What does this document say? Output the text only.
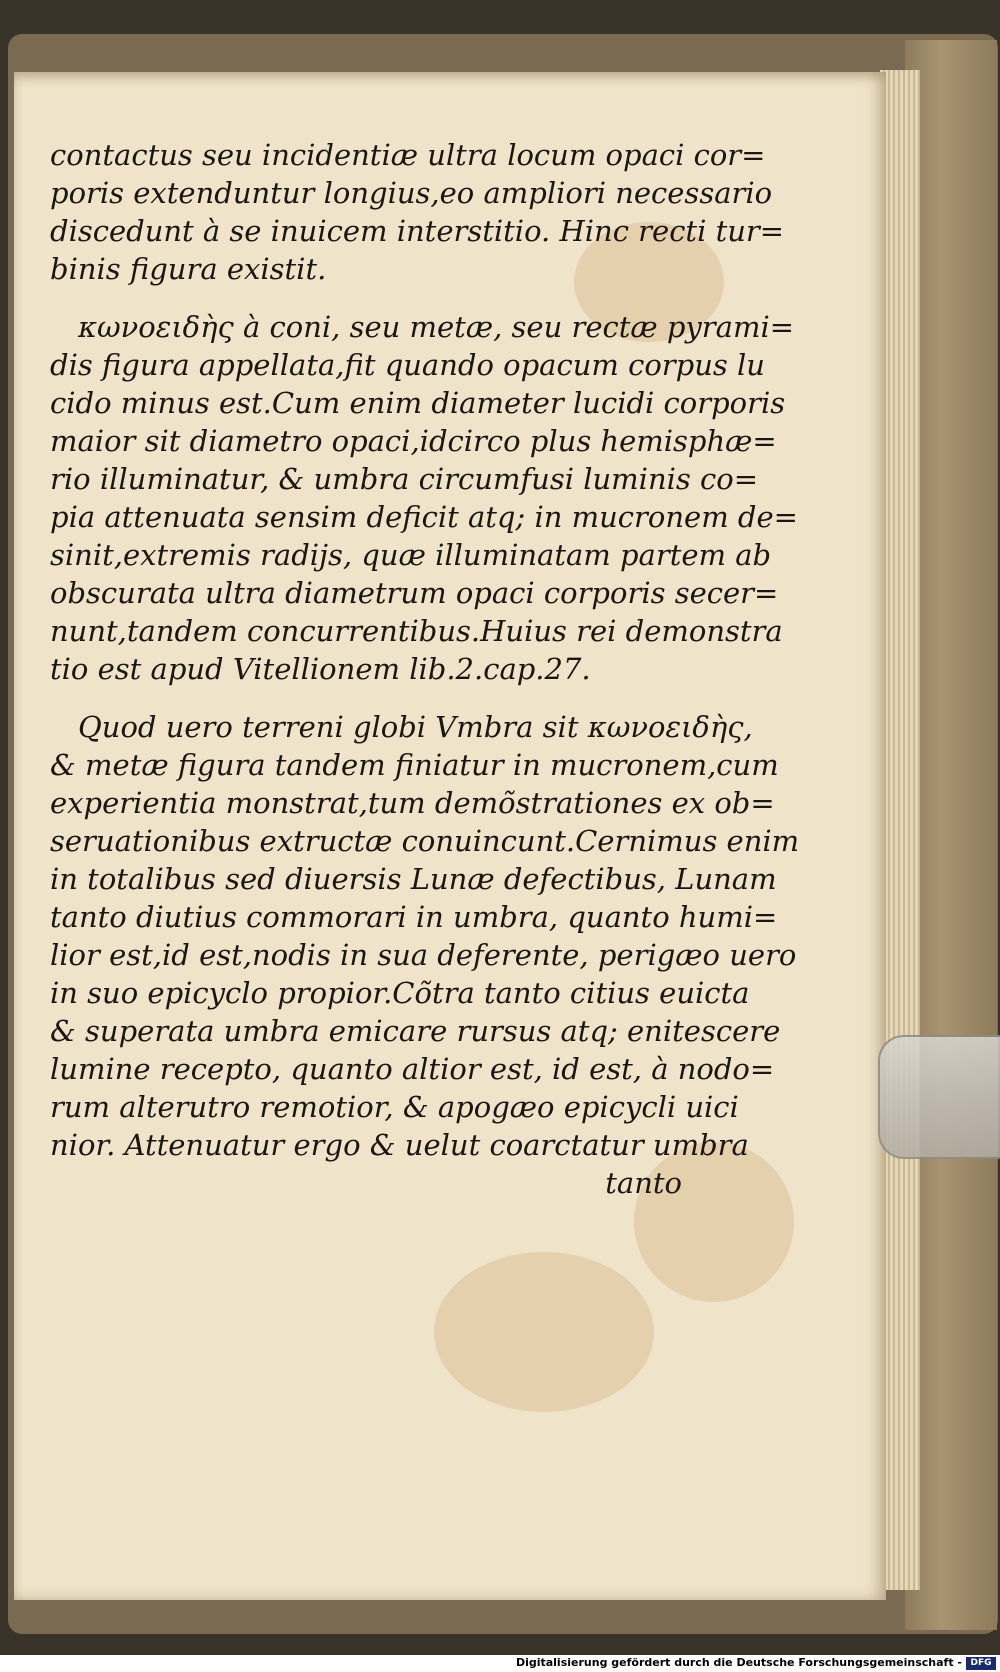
contactus seu incidentiæ ultra locum opaci cor=
poris extenduntur longius,eo ampliori necessario
discedunt à se inuicem interstitio. Hinc recti tur=
binis figura existit.
κωνοειδὴς à coni, seu metæ, seu rectæ pyrami=
dis figura appellata,fit quando opacum corpus lu
cido minus est.Cum enim diameter lucidi corporis
maior sit diametro opaci,idcirco plus hemisphæ=
rio illuminatur, & umbra circumfusi luminis co=
pia attenuata sensim deficit atq; in mucronem de=
sinit,extremis radijs, quæ illuminatam partem ab
obscurata ultra diametrum opaci corporis secer=
nunt,tandem concurrentibus.Huius rei demonstra
tio est apud Vitellionem lib.2.cap.27.
Quod uero terreni globi Vmbra sit κωνοειδὴς,
& metæ figura tandem finiatur in mucronem,cum
experientia monstrat,tum demõstrationes ex ob=
seruationibus extructæ conuincunt.Cernimus enim
in totalibus sed diuersis Lunæ defectibus, Lunam
tanto diutius commorari in umbra, quanto humi=
lior est,id est,nodis in sua deferente, perigæo uero
in suo epicyclo propior.Cõtra tanto citius euicta
& superata umbra emicare rursus atq; enitescere
lumine recepto, quanto altior est, id est, à nodo=
rum alterutro remotior, & apogæo epicycli uici
nior. Attenuatur ergo & uelut coarctatur umbra
tanto
Digitalisierung gefördert durch die Deutsche Forschungsgemeinschaft - DFG
